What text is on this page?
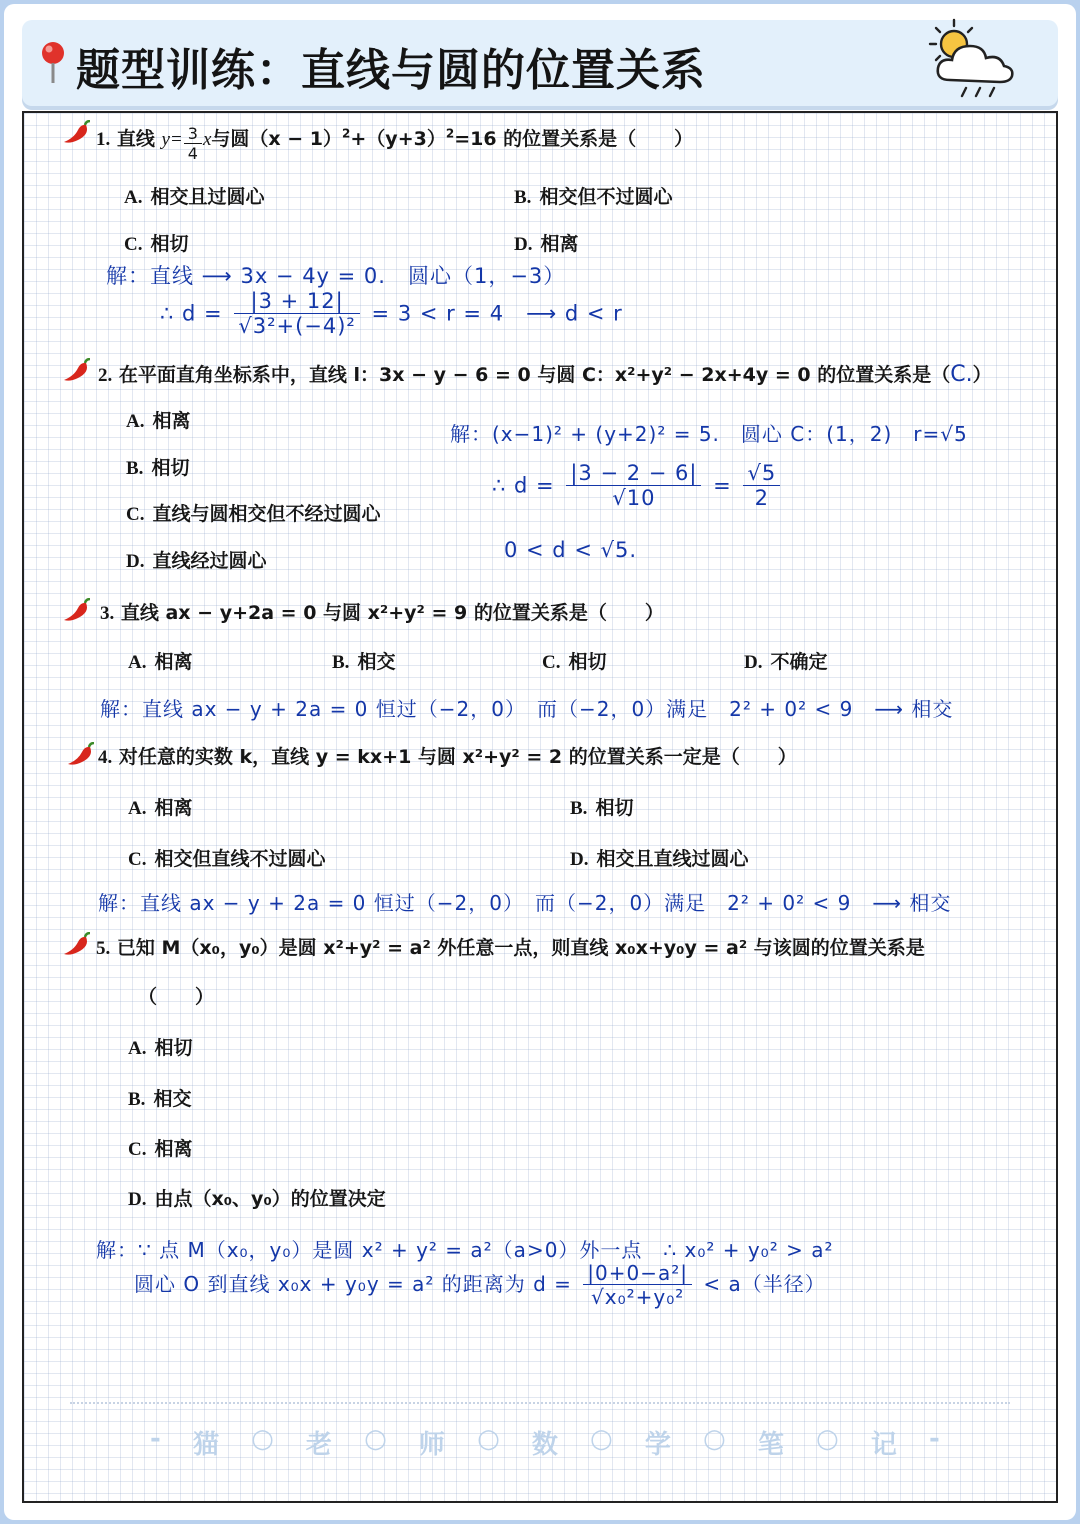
题型训练：直线与圆的位置关系
1. 直线 $y= \frac{3}{4}$ x与圆$(x - 1)^2+(y+3)^2=16$ 的位置关系是（　　）
A. 相交且过圆心	B. 相交但不过圆心
C. 相切	D. 相离
解：直线 ⟶ 3x − 4y = 0.　圆心（1，−3）
∴ $d = \frac{|3 + 12|}{\text{√3²+(−4)²}} = 3 < r = 4$　⟶ d < r
2. 在平面直角坐标系中，直线 l：3x − y − 6 = 0 与圆 C：x²+y² − 2x+4y = 0 的位置关系是（C.）
A. 相离
B. 相切
C. 直线与圆相交但不经过圆心
D. 直线经过圆心
解：(x−1)² + (y+2)² = 5.　圆心 C：(1，2)　r=√5
∴ $d = \frac{|3 - 2 - 6|}{√10} = \frac{√5}{2}$
0 < d < √5.
3. 直线 ax − y+2a = 0 与圆 x²+y² = 9 的位置关系是（　　）
A. 相离	B. 相交	C. 相切	D. 不确定
解：直线 ax − y + 2a = 0 恒过（−2，0）　而（−2，0）满足　2² + 0² < 9　⟶ 相交
4. 对任意的实数 k，直线 y = kx+1 与圆 x²+y² = 2 的位置关系一定是（　　）
A. 相离	B. 相切
C. 相交但直线不过圆心	D. 相交且直线过圆心
解：直线 ax − y + 2a = 0 恒过（−2，0）　而（−2，0）满足　2² + 0² < 9　⟶ 相交
5. 已知 M（x₀，y₀）是圆 x²+y² = a² 外任意一点，则直线 x₀x+y₀y = a² 与该圆的位置关系是
（　　）
A. 相切
B. 相交
C. 相离
D. 由点（x₀、y₀）的位置决定
解：∵ 点 M（x₀，y₀）是圆 x² + y² = a²（a>0）外一点　∴ x₀² + y₀² > a²
圆心 O 到直线 x₀x + y₀y = a² 的距离为 $d = \frac{\text{|0+0−a²|}}{\text{√x₀²+y₀²}} < a$（半径）
- 猫 ○ 老 ○ 师 ○ 数 ○ 学 ○ 笔 ○ 记 -
